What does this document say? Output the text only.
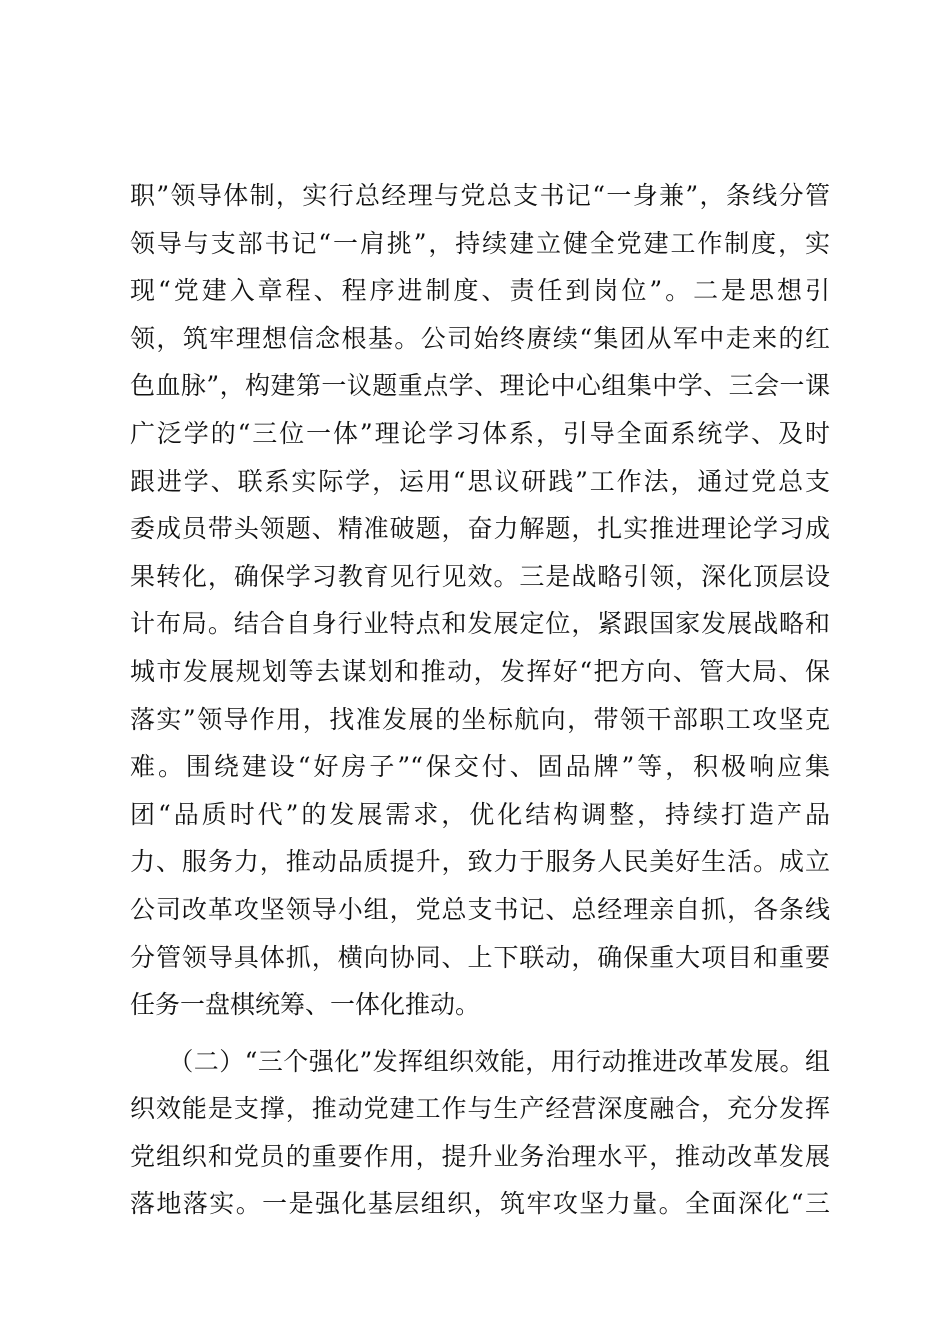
职”领导体制，实行总经理与党总支书记“一身兼”，条线分管
领导与支部书记“一肩挑”，持续建立健全党建工作制度，实
现“党建入章程、程序进制度、责任到岗位”。二是思想引
领，筑牢理想信念根基。公司始终赓续“集团从军中走来的红
色血脉”，构建第一议题重点学、理论中心组集中学、三会一课
广泛学的“三位一体”理论学习体系，引导全面系统学、及时
跟进学、联系实际学，运用“思议研践”工作法，通过党总支
委成员带头领题、精准破题，奋力解题，扎实推进理论学习成
果转化，确保学习教育见行见效。三是战略引领，深化顶层设
计布局。结合自身行业特点和发展定位，紧跟国家发展战略和
城市发展规划等去谋划和推动，发挥好“把方向、管大局、保
落实”领导作用，找准发展的坐标航向，带领干部职工攻坚克
难。围绕建设“好房子”“保交付、固品牌”等，积极响应集
团“品质时代”的发展需求，优化结构调整，持续打造产品
力、服务力，推动品质提升，致力于服务人民美好生活。成立
公司改革攻坚领导小组，党总支书记、总经理亲自抓，各条线
分管领导具体抓，横向协同、上下联动，确保重大项目和重要
任务一盘棋统筹、一体化推动。
　　（二）“三个强化”发挥组织效能，用行动推进改革发展。组
织效能是支撑，推动党建工作与生产经营深度融合，充分发挥
党组织和党员的重要作用，提升业务治理水平，推动改革发展
落地落实。一是强化基层组织，筑牢攻坚力量。全面深化“三
